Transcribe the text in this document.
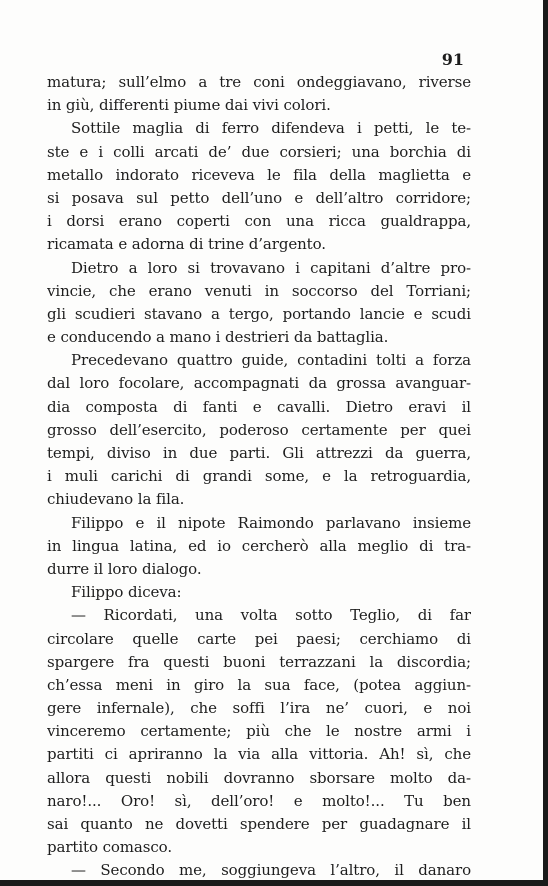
91
matura; sull’elmo a tre coni ondeggiavano, riverse
in giù, differenti piume dai vivi colori.
Sottile maglia di ferro difendeva i petti, le te-
ste e i colli arcati de’ due corsieri; una borchia di
metallo indorato riceveva le fila della maglietta e
si posava sul petto dell’uno e dell’altro corridore;
i dorsi erano coperti con una ricca gualdrappa,
ricamata e adorna di trine d’argento.
Dietro a loro si trovavano i capitani d’altre pro-
vincie, che erano venuti in soccorso del Torriani;
gli scudieri stavano a tergo, portando lancie e scudi
e conducendo a mano i destrieri da battaglia.
Precedevano quattro guide, contadini tolti a forza
dal loro focolare, accompagnati da grossa avanguar-
dia composta di fanti e cavalli. Dietro eravi il
grosso dell’esercito, poderoso certamente per quei
tempi, diviso in due parti. Gli attrezzi da guerra,
i muli carichi di grandi some, e la retroguardia,
chiudevano la fila.
Filippo e il nipote Raimondo parlavano insieme
in lingua latina, ed io cercherò alla meglio di tra-
durre il loro dialogo.
Filippo diceva:
— Ricordati, una volta sotto Teglio, di far
circolare quelle carte pei paesi; cerchiamo di
spargere fra questi buoni terrazzani la discordia;
ch’essa meni in giro la sua face, (potea aggiun-
gere infernale), che soffi l’ira ne’ cuori, e noi
vinceremo certamente; più che le nostre armi i
partiti ci apriranno la via alla vittoria. Ah! sì, che
allora questi nobili dovranno sborsare molto da-
naro!... Oro! sì, dell’oro! e molto!... Tu ben
sai quanto ne dovetti spendere per guadagnare il
partito comasco.
— Secondo me, soggiungeva l’altro, il danaro
